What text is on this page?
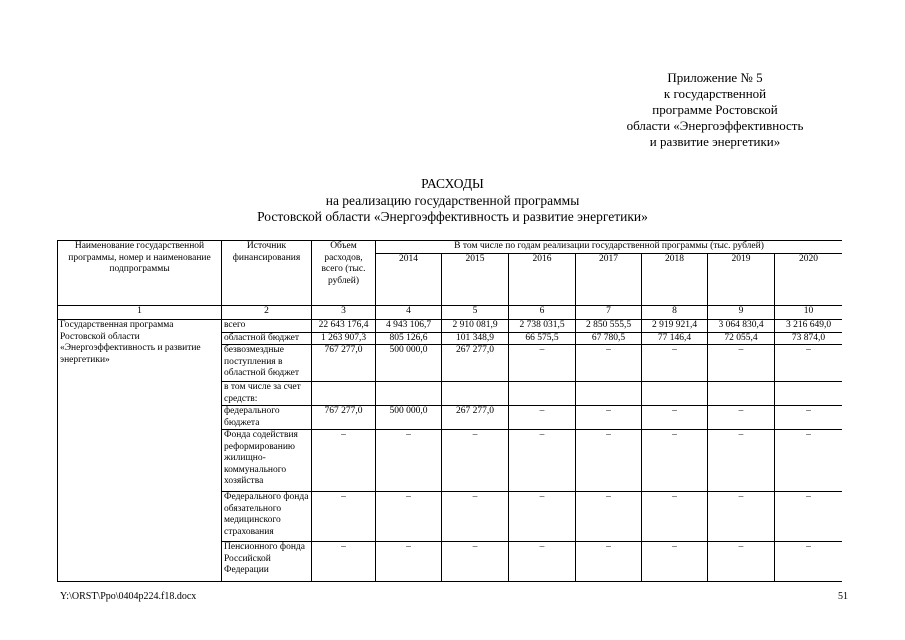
Приложение № 5
к государственной
программе Ростовской
области «Энергоэффективность
и развитие энергетики»
РАСХОДЫ
на реализацию государственной программы
Ростовской области «Энергоэффективность и развитие энергетики»
Наименование государственной программы, номер и наименование подпрограммы	Источник финансирования	Объем расходов, всего (тыс. рублей)	В том числе по годам реализации государственной программы (тыс. рублей)						
			2014	2015	2016	2017	2018	2019	2020
1	2	3	4	5	6	7	8	9	10
Государственная программа Ростовской области «Энергоэффективность и развитие энергетики»	всего	22 643 176,4	4 943 106,7	2 910 081,9	2 738 031,5	2 850 555,5	2 919 921,4	3 064 830,4	3 216 649,0
	областной бюджет	1 263 907,3	805 126,6	101 348,9	66 575,5	67 780,5	77 146,4	72 055,4	73 874,0
	безвозмездные поступления в областной бюджет	767 277,0	500 000,0	267 277,0	–	–	–	–	–
	в том числе за счет средств:								
	федерального бюджета	767 277,0	500 000,0	267 277,0	–	–	–	–	–
	Фонда содействия реформированию жилищно-коммунального хозяйства	–	–	–	–	–	–	–	–
	Федерального фонда обязательного медицинского страхования	–	–	–	–	–	–	–	–
	Пенсионного фонда Российской Федерации	–	–	–	–	–	–	–	–
Y:\ORST\Ppo\0404p224.f18.docx	51
